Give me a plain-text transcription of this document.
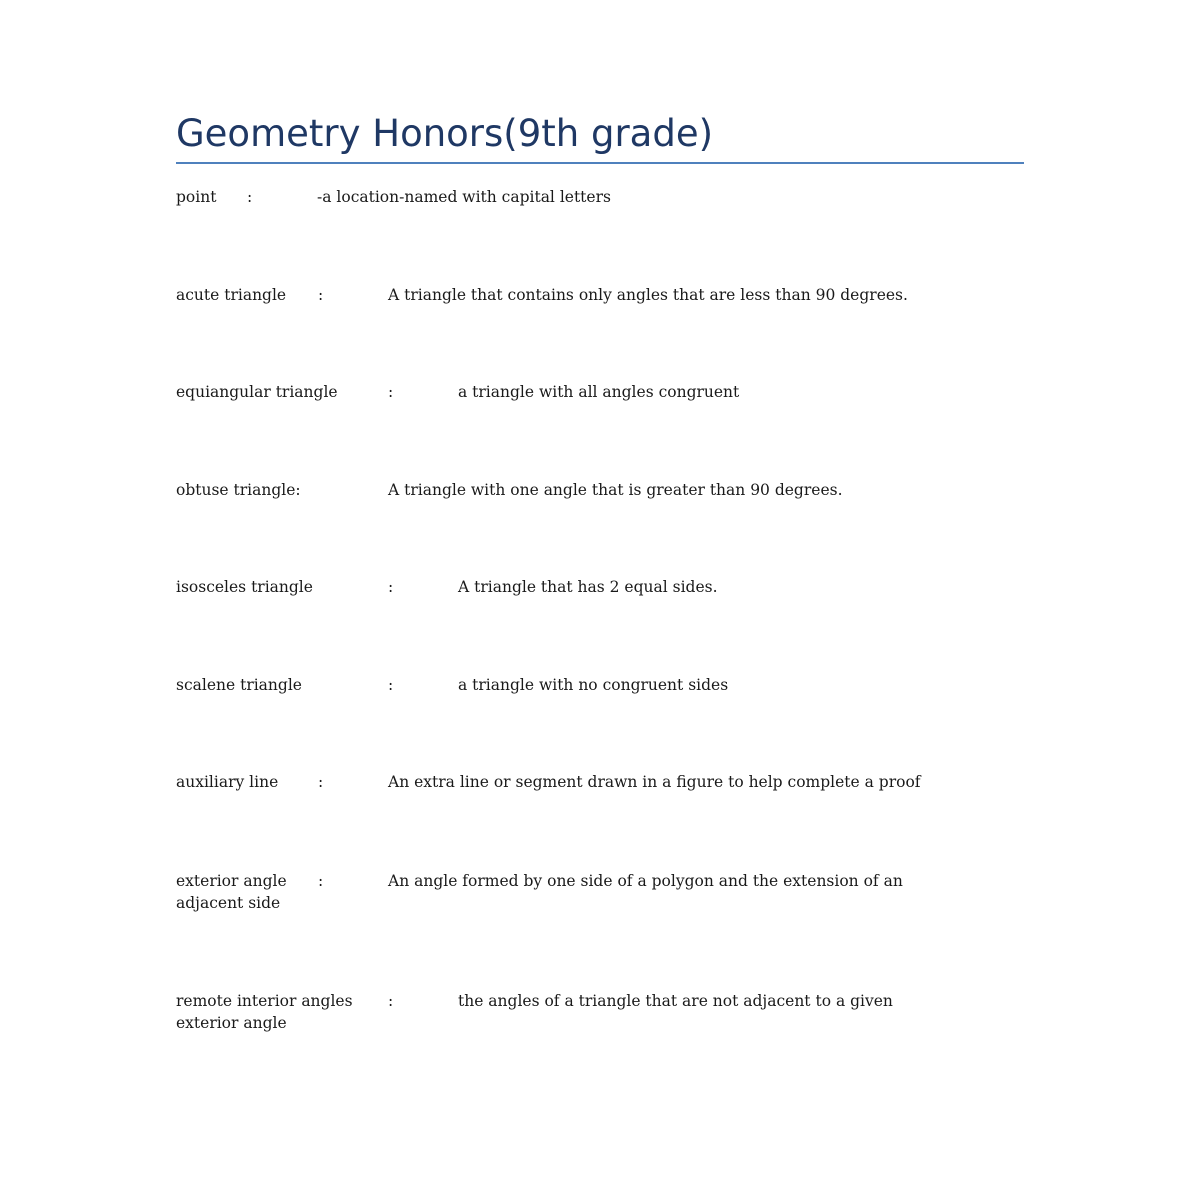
Geometry Honors(9th grade)
point :	-a location-named with capital letters
acute triangle :	A triangle that contains only angles that are less than 90 degrees.
equiangular triangle	:	a triangle with all angles congruent
obtuse triangle:	A triangle with one angle that is greater than 90 degrees.
isosceles triangle	:	A triangle that has 2 equal sides.
scalene triangle	:	a triangle with no congruent sides
auxiliary line	:	An extra line or segment drawn in a figure to help complete a proof
exterior angle :	An angle formed by one side of a polygon and the extension of an
adjacent side
remote interior angles :	the angles of a triangle that are not adjacent to a given
exterior angle
